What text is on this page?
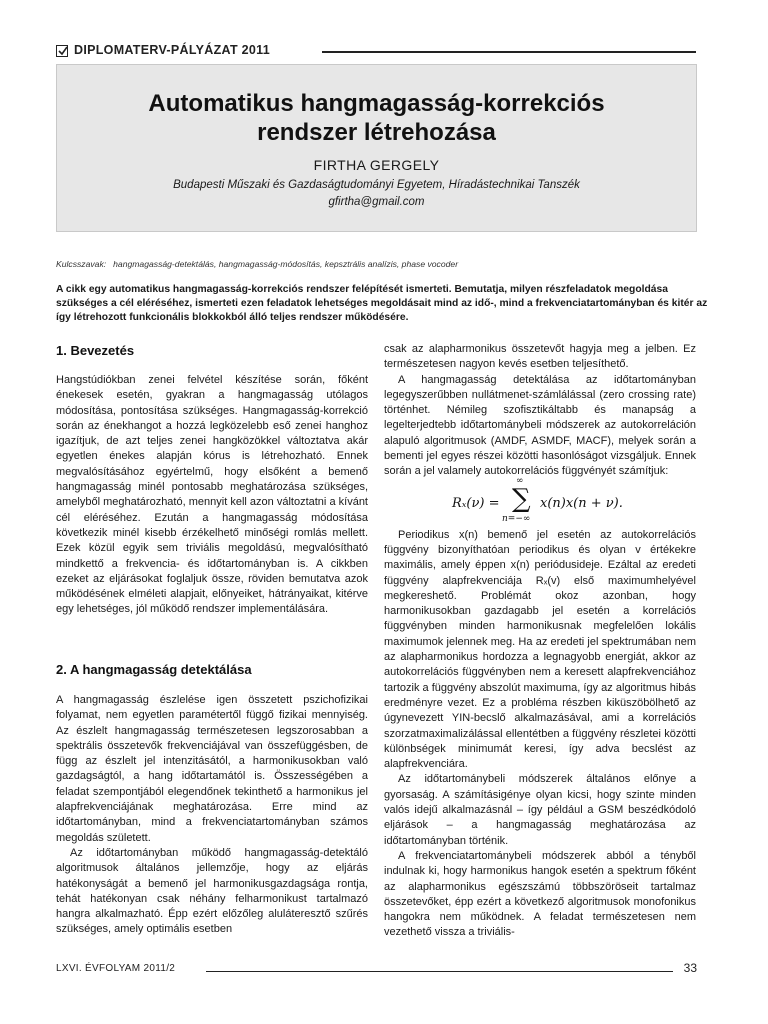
DIPLOMATERV-PÁLYÁZAT 2011
Automatikus hangmagasság-korrekciós
rendszer létrehozása
FIRTHA GERGELY
Budapesti Műszaki és Gazdaságtudományi Egyetem, Híradástechnikai Tanszék
gfirtha@gmail.com
Kulcsszavak: hangmagasság-detektálás, hangmagasság-módosítás, kepsztrális analízis, phase vocoder
A cikk egy automatikus hangmagasság-korrekciós rendszer felépítését ismerteti. Bemutatja, milyen részfeladatok megoldása szükséges a cél eléréséhez, ismerteti ezen feladatok lehetséges megoldásait mind az idő-, mind a frekvenciatartományban és kitér az így létrehozott funkcionális blokkokból álló teljes rendszer működésére.
1. Bevezetés

Hangstúdiókban zenei felvétel készítése során, főként énekesek esetén, gyakran a hangmagasság utólagos módosítása, pontosítása szükséges. Hangmagasság-korrekció során az énekhangot a hozzá legközelebb eső zenei hanghoz igazítjuk, de azt teljes zenei hangközökkel változtatva akár egyetlen énekes alapján kórus is létrehozható. Ennek megvalósításához egyértelmű, hogy elsőként a bemenő hangmagasság minél pontosabb meghatározása szükséges, amelyből meghatározható, mennyit kell azon változtatni a kívánt cél eléréséhez. Ezután a hangmagasság módosítása következik minél kisebb érzékelhető minőségi romlás mellett. Ezek közül egyik sem triviális megoldású, megvalósítható mindkettő a frekvencia- és időtartományban is. A cikkben ezeket az eljárásokat foglaljuk össze, röviden bemutatva azok működésének elméleti alapjait, előnyeiket, hátrányaikat, kitérve egy lehetséges, jól működő rendszer implementálására.

2. A hangmagasság detektálása

A hangmagasság észlelése igen összetett pszichofizikai folyamat, nem egyetlen paramétertől függő fizikai mennyiség. Az észlelt hangmagasság természetesen legszorosabban a spektrális összetevők frekvenciájával van összefüggésben, de függ az észlelt jel intenzitásától, a harmonikusokban való gazdagságtól, a hang időtartamától is. Összességében a feladat szempontjából elegendőnek tekinthető a harmonikus jel alapfrekvenciájának meghatározása. Erre mind az időtartományban, mind a frekvenciatartományban számos megoldás született.

Az időtartományban működő hangmagasság-detektáló algoritmusok általános jellemzője, hogy az eljárás hatékonyságát a bemenő jel harmonikusgazdagsága rontja, tehát hatékonyan csak néhány felharmonikust tartalmazó hangra alkalmazható. Épp ezért előzőleg aluláteresztő szűrés szükséges, amely optimális esetben

csak az alapharmonikus összetevőt hagyja meg a jelben. Ez természetesen nagyon kevés esetben teljesíthető.

A hangmagasság detektálása az időtartományban legegyszerűbben nullátmenet-számlálással (zero crossing rate) történhet. Némileg szofisztikáltabb és manapság a legelterjedtebb időtartománybeli módszerek az autokorreláción alapuló algoritmusok (AMDF, ASMDF, MACF), melyek során a bementi jel egyes részei közötti hasonlóságot vizsgáljuk. Ennek során a jel valamely autokorrelációs függvényét számítjuk:

Rₓ(ν) =
∞
∑
n=−∞
x(n)x(n + ν).

Periodikus x(n) bemenő jel esetén az autokorrelációs függvény bizonyíthatóan periodikus és olyan v értékekre maximális, amely éppen x(n) periódusideje. Ezáltal az eredeti függvény alapfrekvenciája Rₓ(v) első maximumhelyével megkereshető. Problémát okoz azonban, hogy harmonikusokban gazdagabb jel esetén a korrelációs függvényben minden harmonikusnak megfelelően lokális maximumok jelennek meg. Ha az eredeti jel spektrumában nem az alapharmonikus hordozza a legnagyobb energiát, akkor az autokorrelációs függvényben nem a keresett alapfrekvenciához tartozik a függvény abszolút maximuma, így az algoritmus hibás eredményre vezet. Ez a probléma részben kiküszöbölhető az úgynevezett YIN-becslő alkalmazásával, ami a korrelációs szorzatmaximalizálással ellentétben a függvény részletei közötti különbségek minimumát keresi, így adva becslést az alapfrekvenciára.

Az időtartománybeli módszerek általános előnye a gyorsaság. A számításigénye olyan kicsi, hogy szinte minden valós idejű alkalmazásnál – így például a GSM beszédkódoló eljárások – a hangmagasság meghatározása az időtartományban történik.

A frekvenciatartománybeli módszerek abból a tényből indulnak ki, hogy harmonikus hangok esetén a spektrum főként az alapharmonikus egészszámú többszöröseit tartalmaz összetevőket, épp ezért a következő algoritmusok monofonikus hangokra nem működnek. A feladat természetesen nem vezethető vissza a triviális-

LXVI. ÉVFOLYAM 2011/2	33
